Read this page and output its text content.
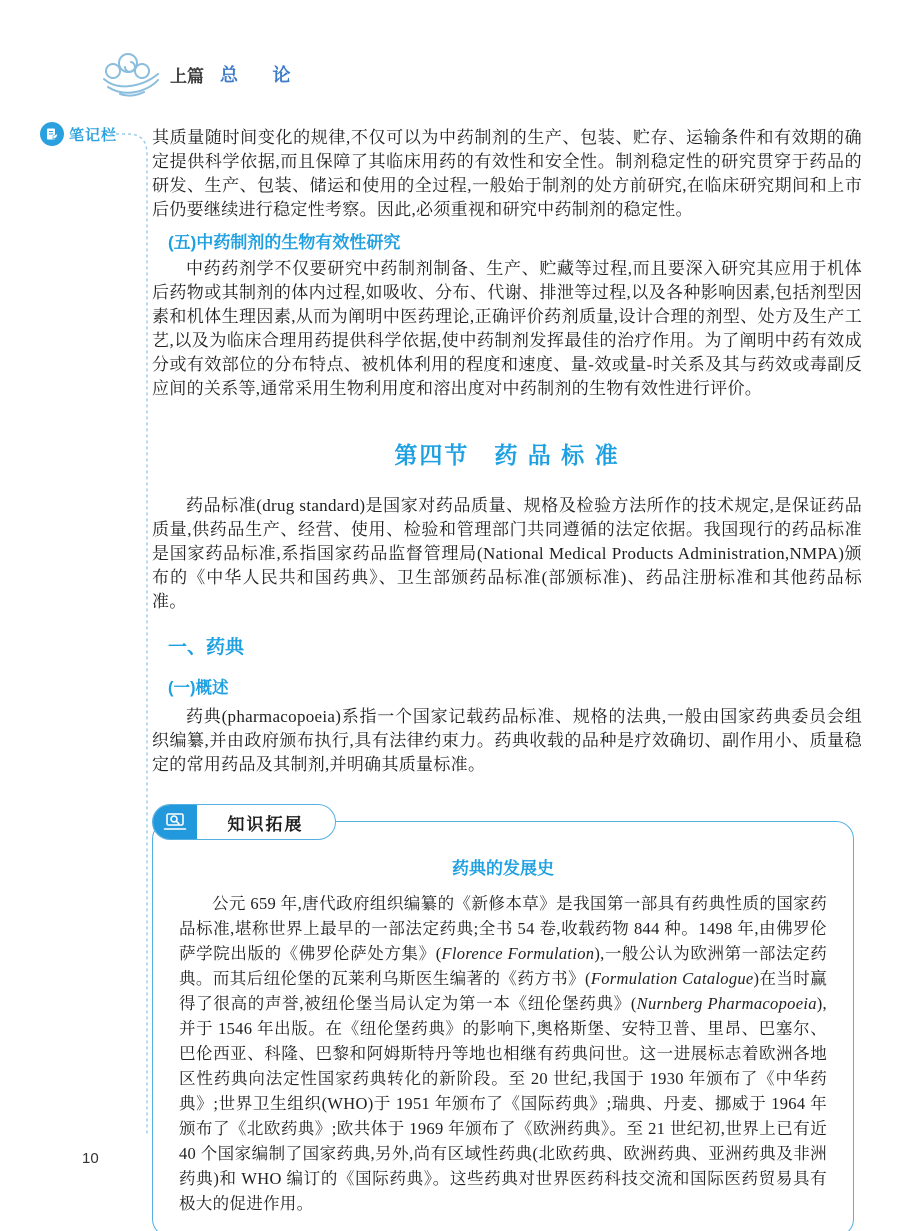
上篇 总 论
笔记栏 其质量随时间变化的规律,不仅可以为中药制剂的生产、包装、贮存、运输条件和有效期的确定提供科学依据,而且保障了其临床用药的有效性和安全性。制剂稳定性的研究贯穿于药品的研发、生产、包装、储运和使用的全过程,一般始于制剂的处方前研究,在临床研究期间和上市后仍要继续进行稳定性考察。因此,必须重视和研究中药制剂的稳定性。

(五)中药制剂的生物有效性研究

中药药剂学不仅要研究中药制剂制备、生产、贮藏等过程,而且要深入研究其应用于机体后药物或其制剂的体内过程,如吸收、分布、代谢、排泄等过程,以及各种影响因素,包括剂型因素和机体生理因素,从而为阐明中医药理论,正确评价药剂质量,设计合理的剂型、处方及生产工艺,以及为临床合理用药提供科学依据,使中药制剂发挥最佳的治疗作用。为了阐明中药有效成分或有效部位的分布特点、被机体利用的程度和速度、量-效或量-时关系及其与药效或毒副反应间的关系等,通常采用生物利用度和溶出度对中药制剂的生物有效性进行评价。

第四节　药 品 标 准

药品标准(drug standard)是国家对药品质量、规格及检验方法所作的技术规定,是保证药品质量,供药品生产、经营、使用、检验和管理部门共同遵循的法定依据。我国现行的药品标准是国家药品标准,系指国家药品监督管理局(National Medical Products Administration,NMPA)颁布的《中华人民共和国药典》、卫生部颁药品标准(部颁标准)、药品注册标准和其他药品标准。

一、药典
(一)概述

药典(pharmacopoeia)系指一个国家记载药品标准、规格的法典,一般由国家药典委员会组织编纂,并由政府颁布执行,具有法律约束力。药典收载的品种是疗效确切、副作用小、质量稳定的常用药品及其制剂,并明确其质量标准。

知识拓展
药典的发展史

公元 659 年,唐代政府组织编纂的《新修本草》是我国第一部具有药典性质的国家药品标准,堪称世界上最早的一部法定药典;全书 54 卷,收载药物 844 种。1498 年,由佛罗伦萨学院出版的《佛罗伦萨处方集》(Florence Formulation),一般公认为欧洲第一部法定药典。而其后纽伦堡的瓦莱利乌斯医生编著的《药方书》(Formulation Catalogue)在当时赢得了很高的声誉,被纽伦堡当局认定为第一本《纽伦堡药典》(Nurnberg Pharmacopoeia),并于 1546 年出版。在《纽伦堡药典》的影响下,奥格斯堡、安特卫普、里昂、巴塞尔、巴伦西亚、科隆、巴黎和阿姆斯特丹等地也相继有药典问世。这一进展标志着欧洲各地区性药典向法定性国家药典转化的新阶段。至 20 世纪,我国于 1930 年颁布了《中华药典》;世界卫生组织(WHO)于 1951 年颁布了《国际药典》;瑞典、丹麦、挪威于 1964 年颁布了《北欧药典》;欧共体于 1969 年颁布了《欧洲药典》。至 21 世纪初,世界上已有近 40 个国家编制了国家药典,另外,尚有区域性药典(北欧药典、欧洲药典、亚洲药典及非洲药典)和 WHO 编订的《国际药典》。这些药典对世界医药科技交流和国际医药贸易具有极大的促进作用。

10
